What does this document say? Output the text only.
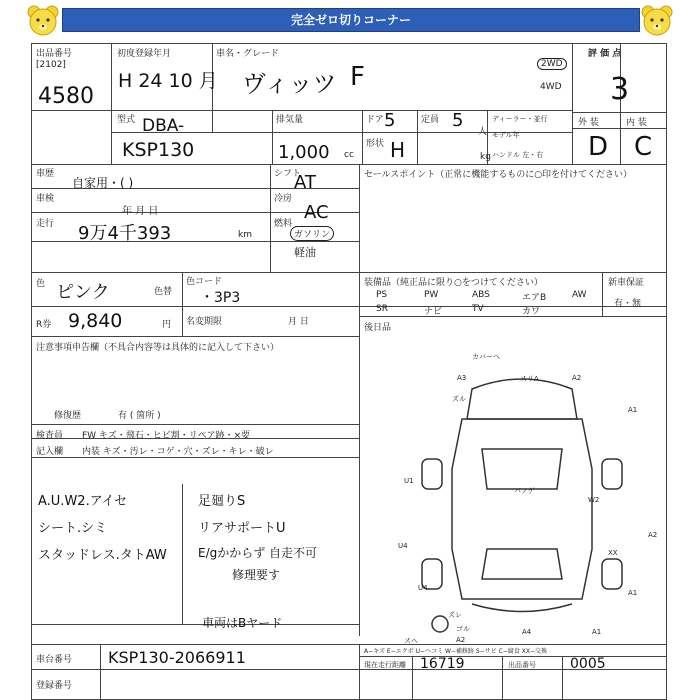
完全ゼロ切りコーナー
出品番号
[2102]
4580
初度登録年月
H 24 10 月
車名・グレード
ヴィッツ F	2WD
4WD
評 価 点
3
外 装	内 装
D C
型式 DBA-
KSP130
排気量
1,000 cc
ドア 5
形状 H
定員 5
人
kg
ディーラー・並行
モデル年
ハンドル 左・右
車歴
自家用・( )
シフト
AT
車検
年 月 日
冷房
AC
走行 9万4千393	km
燃料
ガソリン
軽油
色 ピンク	色替
色コード
・3P3
R券 9,840	円 名変期限	月 日
セールスポイント（正常に機能するものに○印を付けてください）
装備品（純正品に限り○をつけてください）
PS	PW	ABS	エアB	AW
SR	ナビ	TV	カワ
新車保証
有・無
後日品
注意事項申告欄（不具合内容等は具体的に記入して下さい）
修復歴	有 ( 箇所 )
検査員 FW キズ・飛石・ヒビ割・リペア跡・×要
記入欄 内装 キズ・汚レ・コゲ・穴・ズレ・キレ・破レ
A.U.W2.アイセ
シート.シミ
スタッドレス.タトAW
足廻りS
リアサポートU
E/gかからず 自走不可
修理要す
車両はBヤード
カバーへ
A3	スリA	A2
ズル
A1
U1
パノゲ
W2
A2
U4
XX
U4
ズレ
A1
ゴル	A4	A1
A2
スヘ
A−キズ E−エクボ U−ヘコミ W−補修跡 S−サビ C−腐食 XX−交換
車台番号 KSP130-2066911
登録番号
現在走行距離 16719	出品番号 0005
